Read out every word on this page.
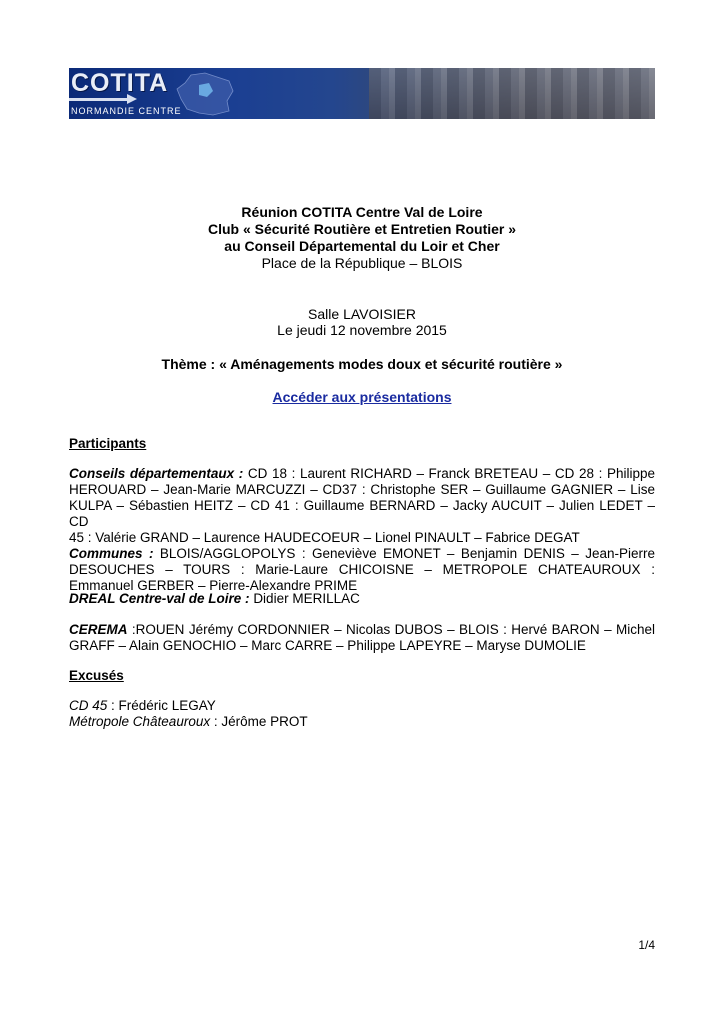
COTITA
NORMANDIE CENTRE
Réunion COTITA Centre Val de Loire
Club « Sécurité Routière et Entretien Routier »
au Conseil Départemental du Loir et Cher
Place de la République – BLOIS
Salle LAVOISIER
Le jeudi 12 novembre 2015
Thème : « Aménagements modes doux et sécurité routière »
Accéder aux présentations
Participants
Conseils départementaux : CD 18 : Laurent RICHARD – Franck BRETEAU – CD 28 : Philippe
HEROUARD – Jean-Marie MARCUZZI – CD37 : Christophe SER – Guillaume GAGNIER – Lise
KULPA – Sébastien HEITZ – CD 41 : Guillaume BERNARD – Jacky AUCUIT – Julien LEDET – CD
45 : Valérie GRAND – Laurence HAUDECOEUR – Lionel PINAULT – Fabrice DEGAT
Communes : BLOIS/AGGLOPOLYS : Geneviève EMONET – Benjamin DENIS – Jean-Pierre
DESOUCHES – TOURS : Marie-Laure CHICOISNE – METROPOLE CHATEAUROUX :
Emmanuel GERBER – Pierre-Alexandre PRIME
DREAL Centre-val de Loire : Didier MERILLAC
CEREMA :ROUEN Jérémy CORDONNIER – Nicolas DUBOS – BLOIS : Hervé BARON – Michel
GRAFF – Alain GENOCHIO – Marc CARRE – Philippe LAPEYRE – Maryse DUMOLIE
Excusés
CD 45 : Frédéric LEGAY
Métropole Châteauroux : Jérôme PROT
1/4
